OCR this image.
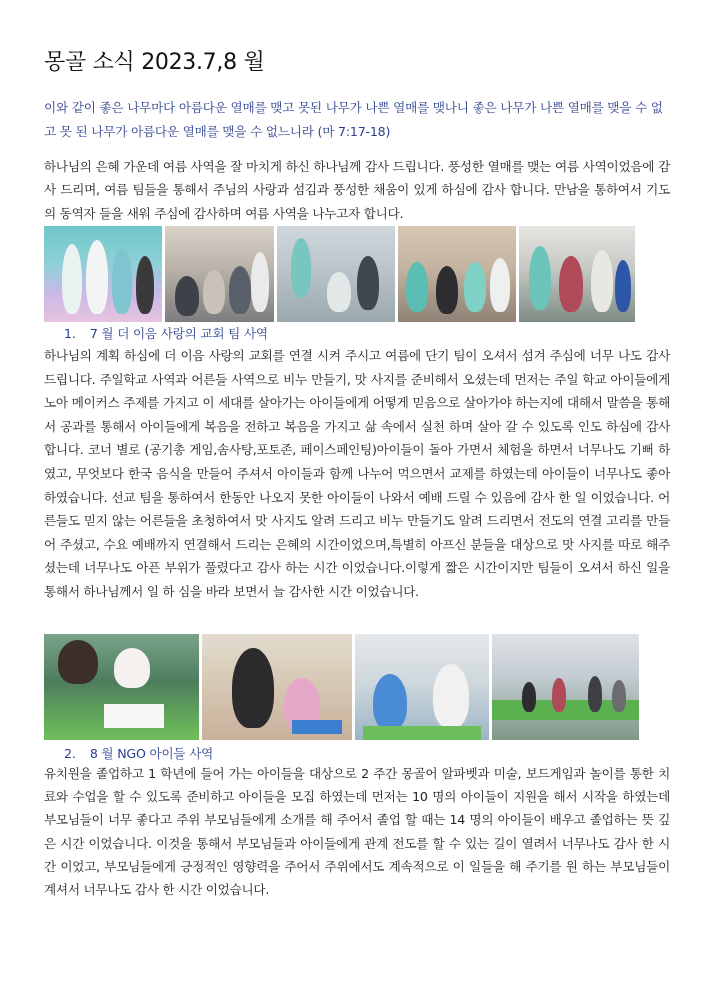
몽골 소식 2023.7,8 월
이와 같이 좋은 나무마다 아름다운 열매를 맺고 못된 나무가 나쁜 열매를 맺나니 좋은 나무가 나쁜 열매를 맺을 수 없고 못 된 나무가 아름다운 열매를 맺을 수 없느니라 (마 7:17-18)
하나님의 은혜 가운데 여름 사역을 잘 마치게 하신 하나님께 감사 드립니다. 풍성한 열매를 맺는 여름 사역이었음에 감사 드리며, 여름 팀들을 통해서 주님의 사랑과 섬김과 풍성한 채움이 있게 하심에 감사 합니다. 만남을 통하여서 기도의 동역자 들을 새워 주심에 감사하며 여름 사역을 나누고자 합니다.
1. 7 월 더 이음 사랑의 교회 팀 사역
하나님의 계획 하심에 더 이음 사랑의 교회를 연결 시켜 주시고 여름에 단기 팀이 오셔서 섬겨 주심에 너무 나도 감사 드립니다. 주일학교 사역과 어른들 사역으로 비누 만들기, 맛 사지를 준비해서 오셨는데 먼저는 주일 학교 아이들에게 노아 메이커스 주제를 가지고 이 세대를 살아가는 아이들에게 어떻게 믿음으로 살아가야 하는지에 대해서 말씀을 통해서 공과를 통해서 아이들에게 복음을 전하고 복음을 가지고 삶 속에서 실천 하며 살아 갈 수 있도록 인도 하심에 감사 합니다. 코너 별로 (공기총 게임,솜사탕,포토존, 페이스페인팅)아이들이 돌아 가면서 체험을 하면서 너무나도 기뻐 하였고, 무엇보다 한국 음식을 만들어 주셔서 아이들과 함께 나누어 먹으면서 교제를 하였는데 아이들이 너무나도 좋아 하였습니다. 선교 팀을 통하여서 한동안 나오지 못한 아이들이 나와서 예배 드릴 수 있음에 감사 한 일 이었습니다. 어른들도 믿지 않는 어른들을 초청하여서 맛 사지도 알려 드리고 비누 만들기도 알려 드리면서 전도의 연결 고리를 만들어 주셨고, 수요 예배까지 연결해서 드리는 은혜의 시간이었으며,특별히 아프신 분들을 대상으로 맛 사지를 따로 해주셨는데 너무나도 아픈 부위가 풀렸다고 감사 하는 시간 이었습니다.이렇게 짧은 시간이지만 팀들이 오셔서 하신 일을 통해서 하나님께서 일 하 심을 바라 보면서 늘 감사한 시간 이었습니다.
2. 8 월 NGO 아이들 사역
유치원을 졸업하고 1 학년에 들어 가는 아이들을 대상으로 2 주간 몽골어 알파벳과 미술, 보드게임과 놀이를 통한 치료와 수업을 할 수 있도록 준비하고 아이들을 모집 하였는데 먼저는 10 명의 아이들이 지원을 해서 시작을 하였는데 부모님들이 너무 좋다고 주위 부모님들에게 소개를 해 주어서 졸업 할 때는 14 명의 아이들이 배우고 졸업하는 뜻 깊은 시간 이었습니다. 이것을 통해서 부모님들과 아이들에게 관계 전도를 할 수 있는 길이 열려서 너무나도 감사 한 시간 이었고, 부모님들에게 긍정적인 영향력을 주어서 주위에서도 계속적으로 이 일들을 해 주기를 원 하는 부모님들이 계셔서 너무나도 감사 한 시간 이었습니다.
